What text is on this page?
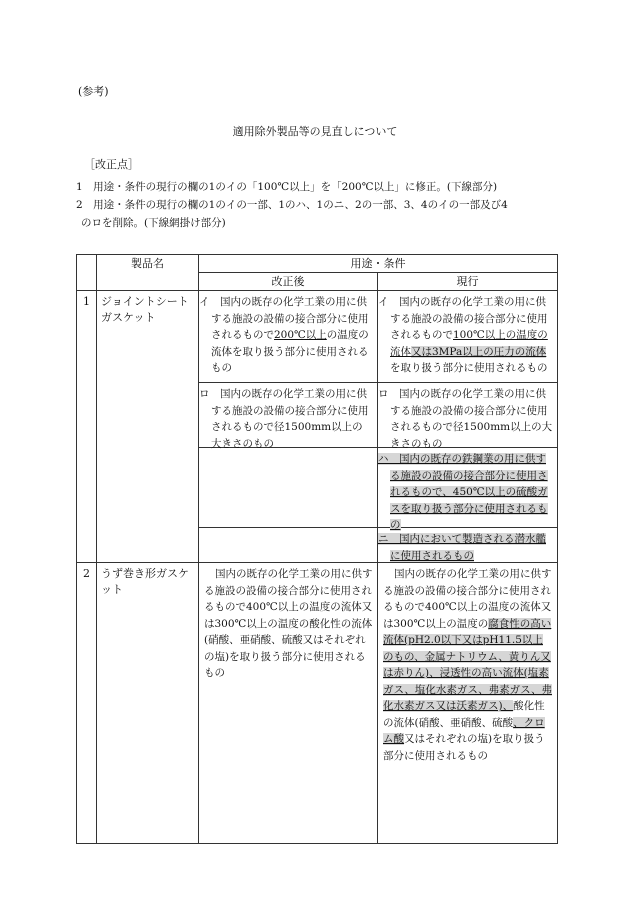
(参考)
適用除外製品等の見直しについて
［改正点］
1　用途・条件の現行の欄の1のイの「100℃以上」を「200℃以上」に修正。(下線部分)
2　用途・条件の現行の欄の1のイの一部、1のハ、1のニ、2の一部、3、4のイの一部及び4
のロを削除。(下線網掛け部分)
	製品名	用途・条件	
		改正後	現行
1	ジョイントシートガスケット	イ　国内の既存の化学工業の用に供する施設の設備の接合部分に使用されるもので200℃以上の温度の流体を取り扱う部分に使用されるもの	イ　国内の既存の化学工業の用に供する施設の設備の接合部分に使用されるもので100℃以上の温度の流体又は3MPa以上の圧力の流体を取り扱う部分に使用されるもの

		ロ　国内の既存の化学工業の用に供する施設の設備の接合部分に使用されるもので径1500mm以上の大きさのもの	ロ　国内の既存の化学工業の用に供する施設の設備の接合部分に使用されるもので径1500mm以上の大きさのもの

			ハ　国内の既存の鉄鋼業の用に供する施設の設備の接合部分に使用されるもので、450℃以上の硫酸ガスを取り扱う部分に使用されるもの

			ニ　国内において製造される潜水艦に使用されるもの

2	うず巻き形ガスケット	国内の既存の化学工業の用に供する施設の設備の接合部分に使用されるもので400℃以上の温度の流体又は300℃以上の温度の酸化性の流体(硝酸、亜硝酸、硫酸又はそれぞれの塩)を取り扱う部分に使用されるもの	国内の既存の化学工業の用に供する施設の設備の接合部分に使用されるもので400℃以上の温度の流体又は300℃以上の温度の腐食性の高い流体(pH2.0以下又はpH11.5以上のもの、金属ナトリウム、黄りん又は赤りん)、浸透性の高い流体(塩素ガス、塩化水素ガス、弗素ガス、弗化水素ガス又は沃素ガス)、酸化性の流体(硝酸、亜硝酸、硫酸、クロム酸又はそれぞれの塩)を取り扱う部分に使用されるもの
